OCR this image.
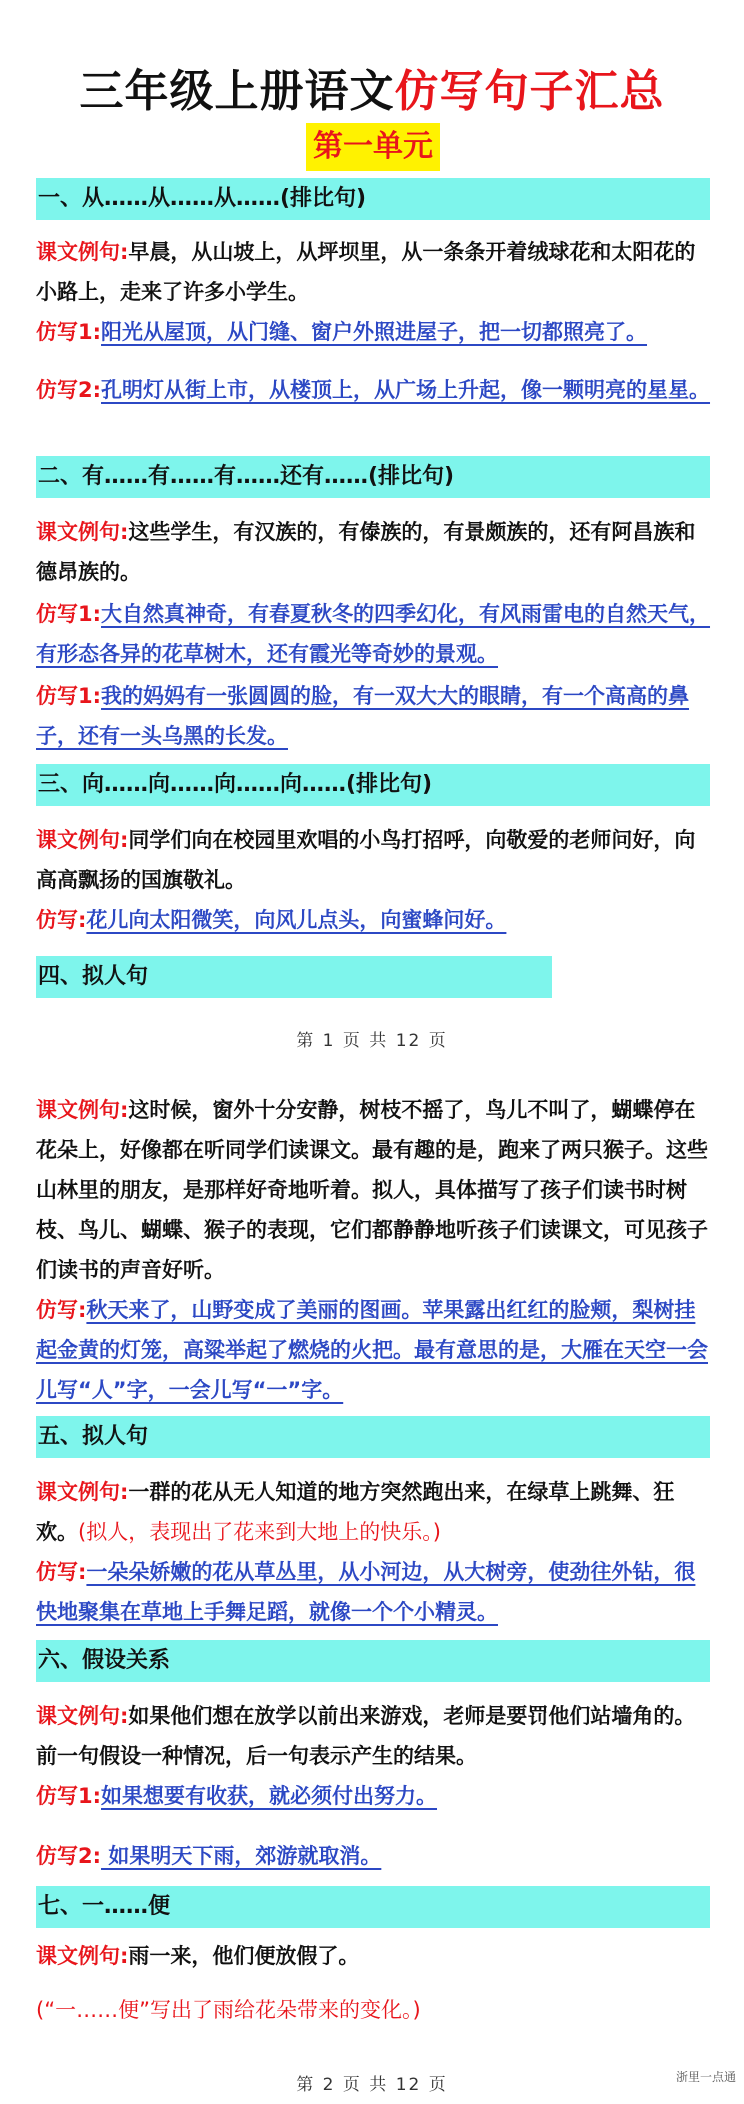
三年级上册语文仿写句子汇总
第一单元
一、从……从……从……(排比句)
课文例句:早晨，从山坡上，从坪坝里，从一条条开着绒球花和太阳花的小路上，走来了许多小学生。
仿写1:阳光从屋顶，从门缝、窗户外照进屋子，把一切都照亮了。
仿写2:孔明灯从街上市，从楼顶上，从广场上升起，像一颗明亮的星星。
二、有……有……有……还有……(排比句)
课文例句:这些学生，有汉族的，有傣族的，有景颇族的，还有阿昌族和德昂族的。
仿写1:大自然真神奇，有春夏秋冬的四季幻化，有风雨雷电的自然天气，有形态各异的花草树木，还有霞光等奇妙的景观。
仿写1:我的妈妈有一张圆圆的脸，有一双大大的眼睛，有一个高高的鼻子，还有一头乌黑的长发。
三、向……向……向……向……(排比句)
课文例句:同学们向在校园里欢唱的小鸟打招呼，向敬爱的老师问好，向高高飘扬的国旗敬礼。
仿写:花儿向太阳微笑，向风儿点头，向蜜蜂问好。
四、拟人句
第 1 页 共 12 页
课文例句:这时候，窗外十分安静，树枝不摇了，鸟儿不叫了，蝴蝶停在花朵上，好像都在听同学们读课文。最有趣的是，跑来了两只猴子。这些山林里的朋友，是那样好奇地听着。拟人，具体描写了孩子们读书时树枝、鸟儿、蝴蝶、猴子的表现，它们都静静地听孩子们读课文，可见孩子们读书的声音好听。
仿写:秋天来了，山野变成了美丽的图画。苹果露出红红的脸颊，梨树挂起金黄的灯笼，高粱举起了燃烧的火把。最有意思的是，大雁在天空一会儿写“人”字，一会儿写“一”字。
五、拟人句
课文例句:一群的花从无人知道的地方突然跑出来，在绿草上跳舞、狂欢。(拟人，表现出了花来到大地上的快乐。)
仿写:一朵朵娇嫩的花从草丛里，从小河边，从大树旁，使劲往外钻，很快地聚集在草地上手舞足蹈，就像一个个小精灵。
六、假设关系
课文例句:如果他们想在放学以前出来游戏，老师是要罚他们站墙角的。前一句假设一种情况，后一句表示产生的结果。
仿写1:如果想要有收获，就必须付出努力。
仿写2: 如果明天下雨，郊游就取消。
七、一……便
课文例句:雨一来，他们便放假了。
(“一……便”写出了雨给花朵带来的变化。)
第 2 页 共 12 页	浙里一点通
